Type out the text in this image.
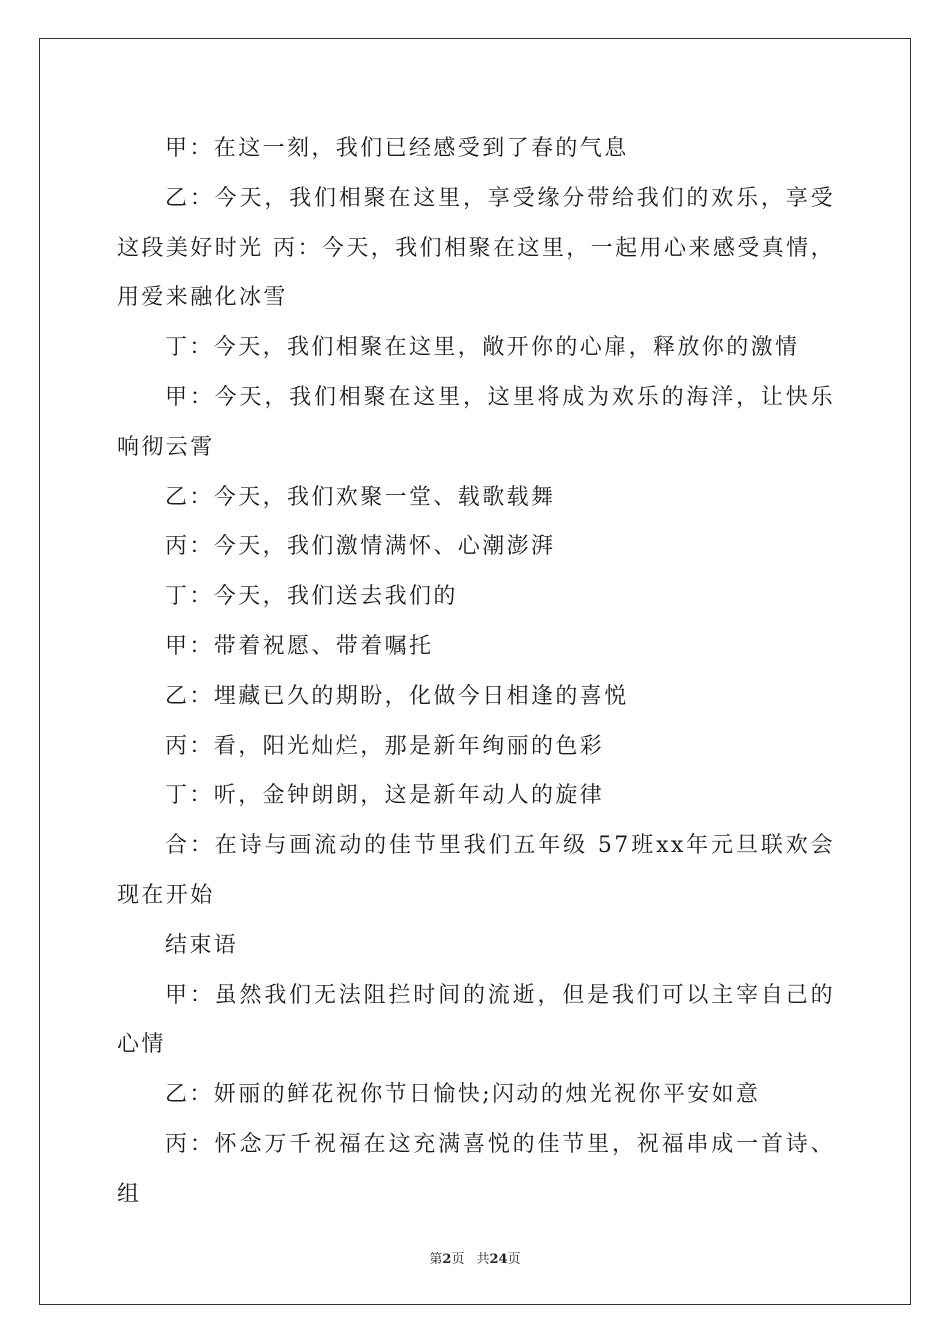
甲：在这一刻，我们已经感受到了春的气息

乙：今天，我们相聚在这里，享受缘分带给我们的欢乐，享受这段美好时光 丙：今天，我们相聚在这里，一起用心来感受真情，用爱来融化冰雪

丁：今天，我们相聚在这里，敞开你的心扉，释放你的激情

甲：今天，我们相聚在这里，这里将成为欢乐的海洋，让快乐响彻云霄

乙：今天，我们欢聚一堂、载歌载舞

丙：今天，我们激情满怀、心潮澎湃

丁：今天，我们送去我们的

甲：带着祝愿、带着嘱托

乙：埋藏已久的期盼，化做今日相逢的喜悦

丙：看，阳光灿烂，那是新年绚丽的色彩

丁：听，金钟朗朗，这是新年动人的旋律

合：在诗与画流动的佳节里我们五年级 57班xx年元旦联欢会现在开始

结束语

甲：虽然我们无法阻拦时间的流逝，但是我们可以主宰自己的心情

乙：妍丽的鲜花祝你节日愉快;闪动的烛光祝你平安如意

丙：怀念万千祝福在这充满喜悦的佳节里，祝福串成一首诗、组

第2页 共24页
